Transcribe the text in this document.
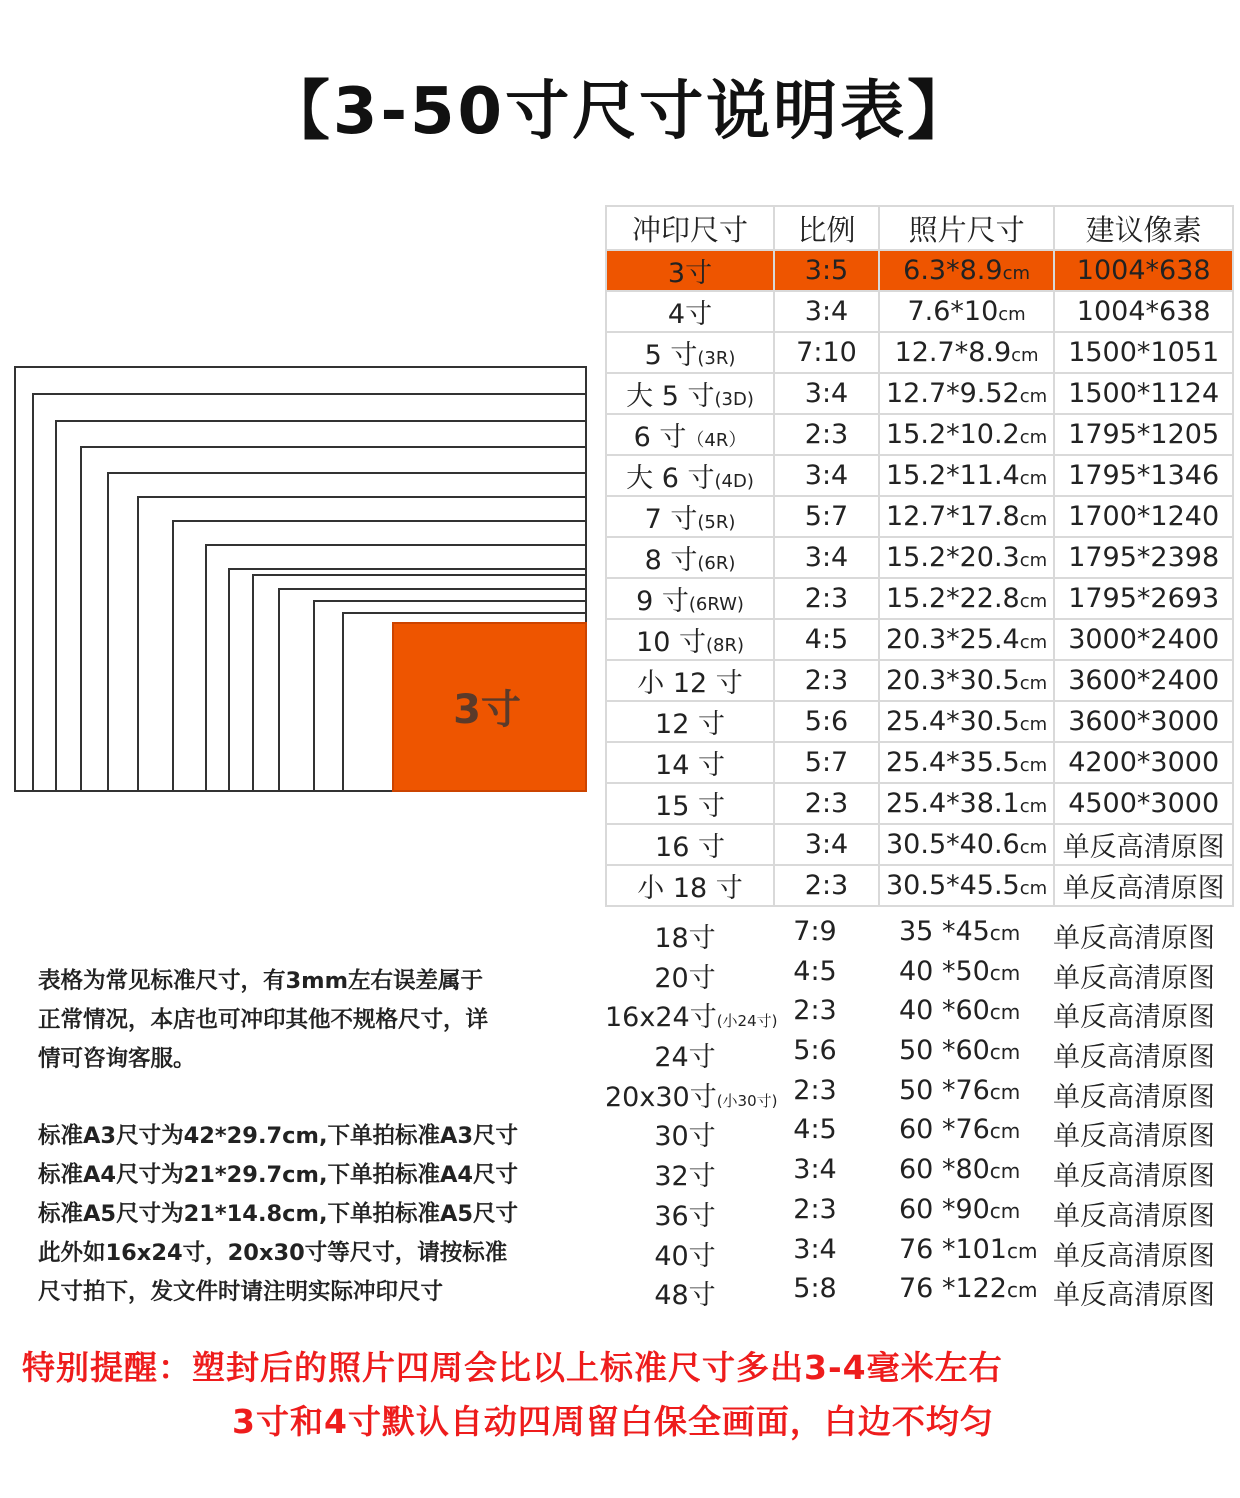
【3-50寸尺寸说明表】
3寸
冲印尺寸	比例	照片尺寸	建议像素
3寸	3:5	6.3*8.9cm	1004*638
4寸	3:4	7.6*10cm	1004*638
5 寸(3R)	7:10	12.7*8.9cm	1500*1051
大 5 寸(3D)	3:4	12.7*9.52cm	1500*1124
6 寸（4R）	2:3	15.2*10.2cm	1795*1205
大 6 寸(4D)	3:4	15.2*11.4cm	1795*1346
7 寸(5R)	5:7	12.7*17.8cm	1700*1240
8 寸(6R)	3:4	15.2*20.3cm	1795*2398
9 寸(6RW)	2:3	15.2*22.8cm	1795*2693
10 寸(8R)	4:5	20.3*25.4cm	3000*2400
小 12 寸	2:3	20.3*30.5cm	3600*2400
12 寸	5:6	25.4*30.5cm	3600*3000
14 寸	5:7	25.4*35.5cm	4200*3000
15 寸	2:3	25.4*38.1cm	4500*3000
16 寸	3:4	30.5*40.6cm	单反高清原图
小 18 寸	2:3	30.5*45.5cm	单反高清原图
18寸	7:9	35 *45cm 单反高清原图
20寸	4:5	40 *50cm 单反高清原图
16x24寸(小24寸) 2:3	40 *60cm 单反高清原图
24寸	5:6	50 *60cm 单反高清原图
20x30寸(小30寸) 2:3	50 *76cm 单反高清原图
30寸	4:5	60 *76cm 单反高清原图
32寸	3:4	60 *80cm 单反高清原图
36寸	2:3	60 *90cm 单反高清原图
40寸	3:4	76 *101cm 单反高清原图
48寸	5:8	76 *122cm 单反高清原图

表格为常见标准尺寸，有3mm左右误差属于

正常情况，本店也可冲印其他不规格尺寸，详

情可咨询客服。

标准A3尺寸为42*29.7cm,下单拍标准A3尺寸

标准A4尺寸为21*29.7cm,下单拍标准A4尺寸

标准A5尺寸为21*14.8cm,下单拍标准A5尺寸

此外如16x24寸，20x30寸等尺寸，请按标准

尺寸拍下，发文件时请注明实际冲印尺寸

特别提醒：塑封后的照片四周会比以上标准尺寸多出3-4毫米左右
3寸和4寸默认自动四周留白保全画面，白边不均匀
